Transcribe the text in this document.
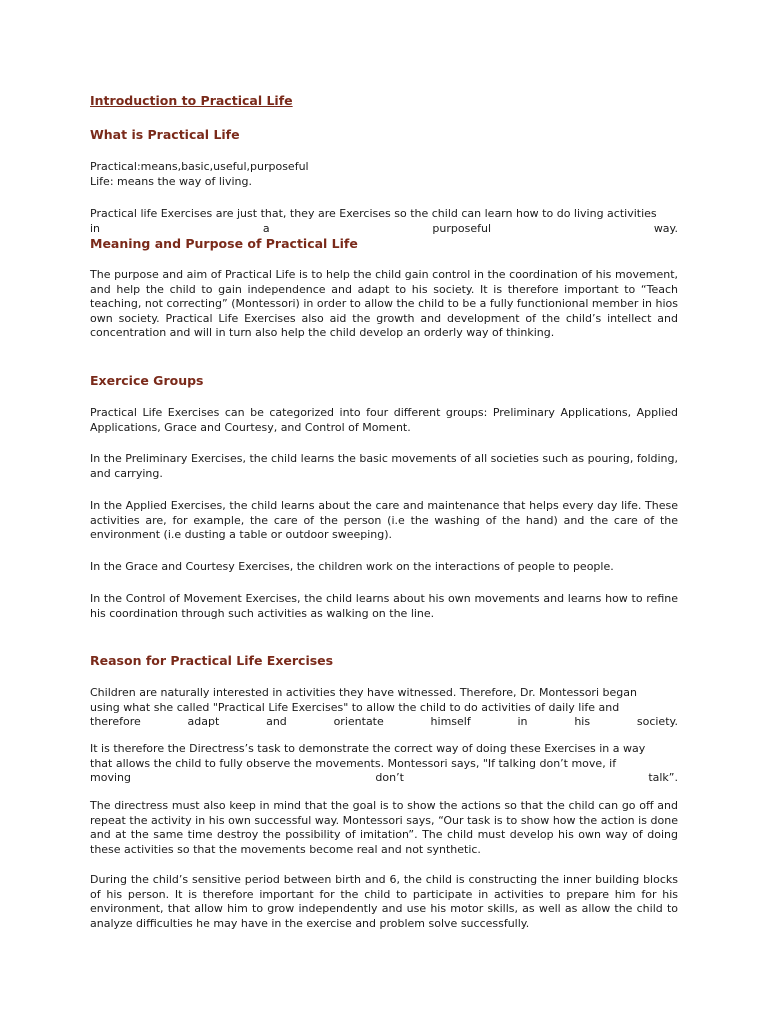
Introduction to Practical Life
What is Practical Life

Practical:means,basic,useful,purposeful
Life: means the way of living.

Practical life Exercises are just that, they are Exercises so the child can learn how to do living activities
in	a	purposeful	way.

Meaning and Purpose of Practical Life

The purpose and aim of Practical Life is to help the child gain control in the coordination of his movement, and help the child to gain independence and adapt to his society. It is therefore important to “Teach teaching, not correcting” (Montessori) in order to allow the child to be a fully functionional member in hios own society. Practical Life Exercises also aid the growth and development of the child’s intellect and concentration and will in turn also help the child develop an orderly way of thinking.

Exercice Groups

Practical Life Exercises can be categorized into four different groups: Preliminary Applications, Applied Applications, Grace and Courtesy, and Control of Moment.

In the Preliminary Exercises, the child learns the basic movements of all societies such as pouring, folding, and carrying.

In the Applied Exercises, the child learns about the care and maintenance that helps every day life. These activities are, for example, the care of the person (i.e the washing of the hand) and the care of the environment (i.e dusting a table or outdoor sweeping).

In the Grace and Courtesy Exercises, the children work on the interactions of people to people.

In the Control of Movement Exercises, the child learns about his own movements and learns how to refine his coordination through such activities as walking on the line.

Reason for Practical Life Exercises

Children are naturally interested in activities they have witnessed. Therefore, Dr. Montessori began
using what she called "Practical Life Exercises" to allow the child to do activities of daily life and
therefore	adapt	and	orientate	himself	in	his	society.

It is therefore the Directress’s task to demonstrate the correct way of doing these Exercises in a way
that allows the child to fully observe the movements. Montessori says, "If talking don’t move, if
moving	don’t	talk”.

The directress must also keep in mind that the goal is to show the actions so that the child can go off and repeat the activity in his own successful way. Montessori says, “Our task is to show how the action is done and at the same time destroy the possibility of imitation”. The child must develop his own way of doing these activities so that the movements become real and not synthetic.

During the child’s sensitive period between birth and 6, the child is constructing the inner building blocks of his person. It is therefore important for the child to participate in activities to prepare him for his environment, that allow him to grow independently and use his motor skills, as well as allow the child to analyze difficulties he may have in the exercise and problem solve successfully.
